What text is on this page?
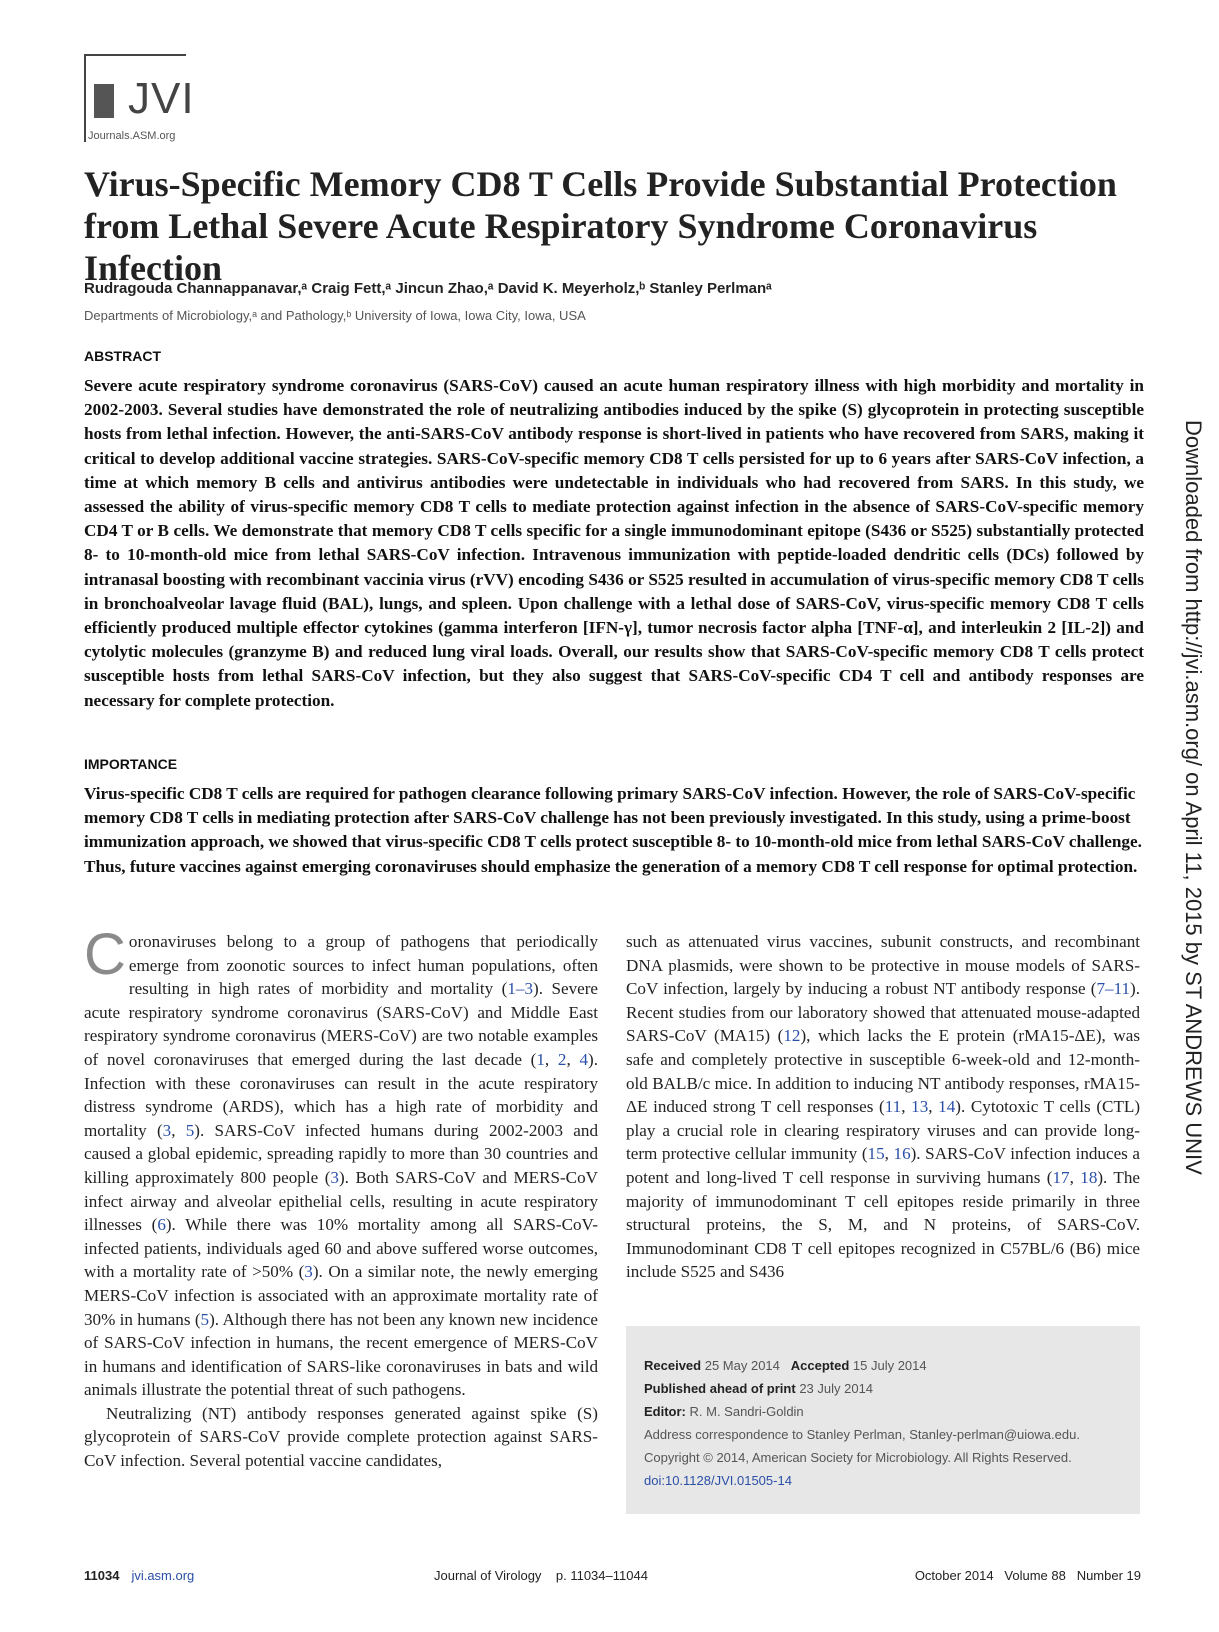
JVI
Journals.ASM.org
Virus-Specific Memory CD8 T Cells Provide Substantial Protection from Lethal Severe Acute Respiratory Syndrome Coronavirus Infection
Rudragouda Channappanavar,ᵃ Craig Fett,ᵃ Jincun Zhao,ᵃ David K. Meyerholz,ᵇ Stanley Perlmanᵃ
Departments of Microbiology,ᵃ and Pathology,ᵇ University of Iowa, Iowa City, Iowa, USA
ABSTRACT

Severe acute respiratory syndrome coronavirus (SARS-CoV) caused an acute human respiratory illness with high morbidity and mortality in 2002-2003. Several studies have demonstrated the role of neutralizing antibodies induced by the spike (S) glycoprotein in protecting susceptible hosts from lethal infection. However, the anti-SARS-CoV antibody response is short-lived in patients who have recovered from SARS, making it critical to develop additional vaccine strategies. SARS-CoV-specific memory CD8 T cells persisted for up to 6 years after SARS-CoV infection, a time at which memory B cells and antivirus antibodies were undetectable in individuals who had recovered from SARS. In this study, we assessed the ability of virus-specific memory CD8 T cells to mediate protection against infection in the absence of SARS-CoV-specific memory CD4 T or B cells. We demonstrate that memory CD8 T cells specific for a single immunodominant epitope (S436 or S525) substantially protected 8- to 10-month-old mice from lethal SARS-CoV infection. Intravenous immunization with peptide-loaded dendritic cells (DCs) followed by intranasal boosting with recombinant vaccinia virus (rVV) encoding S436 or S525 resulted in accumulation of virus-specific memory CD8 T cells in bronchoalveolar lavage fluid (BAL), lungs, and spleen. Upon challenge with a lethal dose of SARS-CoV, virus-specific memory CD8 T cells efficiently produced multiple effector cytokines (gamma interferon [IFN-γ], tumor necrosis factor alpha [TNF-α], and interleukin 2 [IL-2]) and cytolytic molecules (granzyme B) and reduced lung viral loads. Overall, our results show that SARS-CoV-specific memory CD8 T cells protect susceptible hosts from lethal SARS-CoV infection, but they also suggest that SARS-CoV-specific CD4 T cell and antibody responses are necessary for complete protection.

IMPORTANCE

Virus-specific CD8 T cells are required for pathogen clearance following primary SARS-CoV infection. However, the role of SARS-CoV-specific memory CD8 T cells in mediating protection after SARS-CoV challenge has not been previously investigated. In this study, using a prime-boost immunization approach, we showed that virus-specific CD8 T cells protect susceptible 8- to 10-month-old mice from lethal SARS-CoV challenge. Thus, future vaccines against emerging coronaviruses should emphasize the generation of a memory CD8 T cell response for optimal protection.

Coronaviruses belong to a group of pathogens that periodically emerge from zoonotic sources to infect human populations, often resulting in high rates of morbidity and mortality (1–3). Severe acute respiratory syndrome coronavirus (SARS-CoV) and Middle East respiratory syndrome coronavirus (MERS-CoV) are two notable examples of novel coronaviruses that emerged during the last decade (1, 2, 4). Infection with these coronaviruses can result in the acute respiratory distress syndrome (ARDS), which has a high rate of morbidity and mortality (3, 5). SARS-CoV infected humans during 2002-2003 and caused a global epidemic, spreading rapidly to more than 30 countries and killing approximately 800 people (3). Both SARS-CoV and MERS-CoV infect airway and alveolar epithelial cells, resulting in acute respiratory illnesses (6). While there was 10% mortality among all SARS-CoV-infected patients, individuals aged 60 and above suffered worse outcomes, with a mortality rate of >50% (3). On a similar note, the newly emerging MERS-CoV infection is associated with an approximate mortality rate of 30% in humans (5). Although there has not been any known new incidence of SARS-CoV infection in humans, the recent emergence of MERS-CoV in humans and identification of SARS-like coronaviruses in bats and wild animals illustrate the potential threat of such pathogens.

Neutralizing (NT) antibody responses generated against spike (S) glycoprotein of SARS-CoV provide complete protection against SARS-CoV infection. Several potential vaccine candidates,

such as attenuated virus vaccines, subunit constructs, and recombinant DNA plasmids, were shown to be protective in mouse models of SARS-CoV infection, largely by inducing a robust NT antibody response (7–11). Recent studies from our laboratory showed that attenuated mouse-adapted SARS-CoV (MA15) (12), which lacks the E protein (rMA15-ΔE), was safe and completely protective in susceptible 6-week-old and 12-month-old BALB/c mice. In addition to inducing NT antibody responses, rMA15-ΔE induced strong T cell responses (11, 13, 14). Cytotoxic T cells (CTL) play a crucial role in clearing respiratory viruses and can provide long-term protective cellular immunity (15, 16). SARS-CoV infection induces a potent and long-lived T cell response in surviving humans (17, 18). The majority of immunodominant T cell epitopes reside primarily in three structural proteins, the S, M, and N proteins, of SARS-CoV. Immunodominant CD8 T cell epitopes recognized in C57BL/6 (B6) mice include S525 and S436

Received 25 May 2014 Accepted 15 July 2014
Published ahead of print 23 July 2014
Editor: R. M. Sandri-Goldin
Address correspondence to Stanley Perlman, Stanley-perlman@uiowa.edu.
Copyright © 2014, American Society for Microbiology. All Rights Reserved.
doi:10.1128/JVI.01505-14
Downloaded from http://jvi.asm.org/ on April 11, 2015 by ST ANDREWS UNIV
11034 jvi.asm.org	Journal of Virology    p. 11034–11044	October 2014   Volume 88   Number 19
